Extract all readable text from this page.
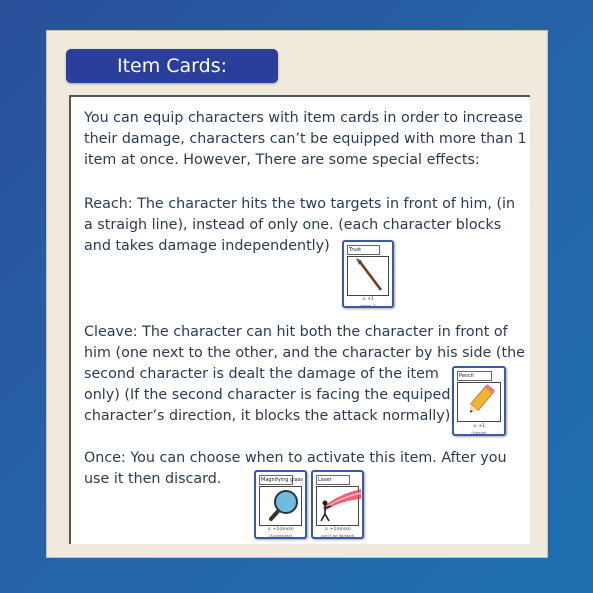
Item Cards:
You can equip characters with item cards in order to increase
their damage, characters can’t be equipped with more than 1
item at once. However, There are some special effects:
Reach: The character hits the two targets in front of him, (in
a straigh line), instead of only one. (each character blocks
and takes damage independently)
Cleave: The character can hit both the character in front of
him (one next to the other, and the character by his side (the
second character is dealt the damage of the item
only) (If the second character is facing the equiped
character’s direction, it blocks the attack normally)
Once: You can choose when to activate this item. After you
use it then discard.
Trust
⚔ +1
(reach 2)
Pencil
⚔ +1
(cleave)
Magnifying glass
⚔ +1(once)
(Scrambled)
Laser
⚔ +1(once)
(can't be dodged)
